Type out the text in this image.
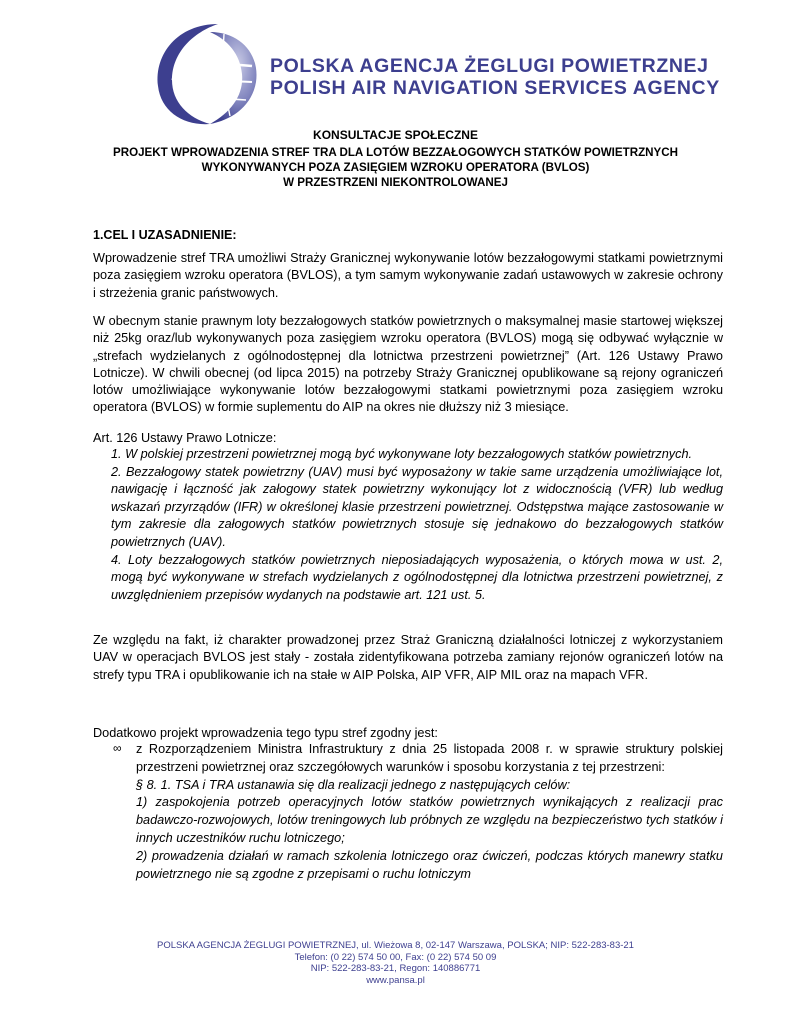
POLSKA AGENCJA ŻEGLUGI POWIETRZNEJ
POLISH AIR NAVIGATION SERVICES AGENCY
KONSULTACJE SPOŁECZNE
PROJEKT WPROWADZENIA STREF TRA DLA LOTÓW BEZZAŁOGOWYCH STATKÓW POWIETRZNYCH
WYKONYWANYCH POZA ZASIĘGIEM WZROKU OPERATORA (BVLOS)
W PRZESTRZENI NIEKONTROLOWANEJ
1.CEL I UZASADNIENIE:

Wprowadzenie stref TRA umożliwi Straży Granicznej wykonywanie lotów bezzałogowymi statkami powietrznymi poza zasięgiem wzroku operatora (BVLOS), a tym samym wykonywanie zadań ustawowych w zakresie ochrony i strzeżenia granic państwowych.

W obecnym stanie prawnym loty bezzałogowych statków powietrznych o maksymalnej masie startowej większej niż 25kg oraz/lub wykonywanych poza zasięgiem wzroku operatora (BVLOS) mogą się odbywać wyłącznie w „strefach wydzielanych z ogólnodostępnej dla lotnictwa przestrzeni powietrznej” (Art. 126 Ustawy Prawo Lotnicze). W chwili obecnej (od lipca 2015) na potrzeby Straży Granicznej opublikowane są rejony ograniczeń lotów umożliwiające wykonywanie lotów bezzałogowymi statkami powietrznymi poza zasięgiem wzroku operatora (BVLOS) w formie suplementu do AIP na okres nie dłuższy niż 3 miesiące.

Art. 126 Ustawy Prawo Lotnicze:

1. W polskiej przestrzeni powietrznej mogą być wykonywane loty bezzałogowych statków powietrznych.

2. Bezzałogowy statek powietrzny (UAV) musi być wyposażony w takie same urządzenia umożliwiające lot, nawigację i łączność jak załogowy statek powietrzny wykonujący lot z widocznością (VFR) lub według wskazań przyrządów (IFR) w określonej klasie przestrzeni powietrznej. Odstępstwa mające zastosowanie w tym zakresie dla załogowych statków powietrznych stosuje się jednakowo do bezzałogowych statków powietrznych (UAV).

4. Loty bezzałogowych statków powietrznych nieposiadających wyposażenia, o których mowa w ust. 2, mogą być wykonywane w strefach wydzielanych z ogólnodostępnej dla lotnictwa przestrzeni powietrznej, z uwzględnieniem przepisów wydanych na podstawie art. 121 ust. 5.

Ze względu na fakt, iż charakter prowadzonej przez Straż Graniczną działalności lotniczej z wykorzystaniem UAV w operacjach BVLOS jest stały - została zidentyfikowana potrzeba zamiany rejonów ograniczeń lotów na strefy typu TRA i opublikowanie ich na stałe w AIP Polska, AIP VFR, AIP MIL oraz na mapach VFR.

Dodatkowo projekt wprowadzenia tego typu stref zgodny jest:

∞ z Rozporządzeniem Ministra Infrastruktury z dnia 25 listopada 2008 r. w sprawie struktury polskiej przestrzeni powietrznej oraz szczegółowych warunków i sposobu korzystania z tej przestrzeni:
§ 8. 1. TSA i TRA ustanawia się dla realizacji jednego z następujących celów:
1) zaspokojenia potrzeb operacyjnych lotów statków powietrznych wynikających z realizacji prac badawczo-rozwojowych, lotów treningowych lub próbnych ze względu na bezpieczeństwo tych statków i innych uczestników ruchu lotniczego;
2) prowadzenia działań w ramach szkolenia lotniczego oraz ćwiczeń, podczas których manewry statku powietrznego nie są zgodne z przepisami o ruchu lotniczym
POLSKA AGENCJA ŻEGLUGI POWIETRZNEJ, ul. Wieżowa 8, 02-147 Warszawa, POLSKA; NIP: 522-283-83-21
Telefon: (0 22) 574 50 00, Fax: (0 22) 574 50 09
NIP: 522-283-83-21, Regon: 140886771
www.pansa.pl
